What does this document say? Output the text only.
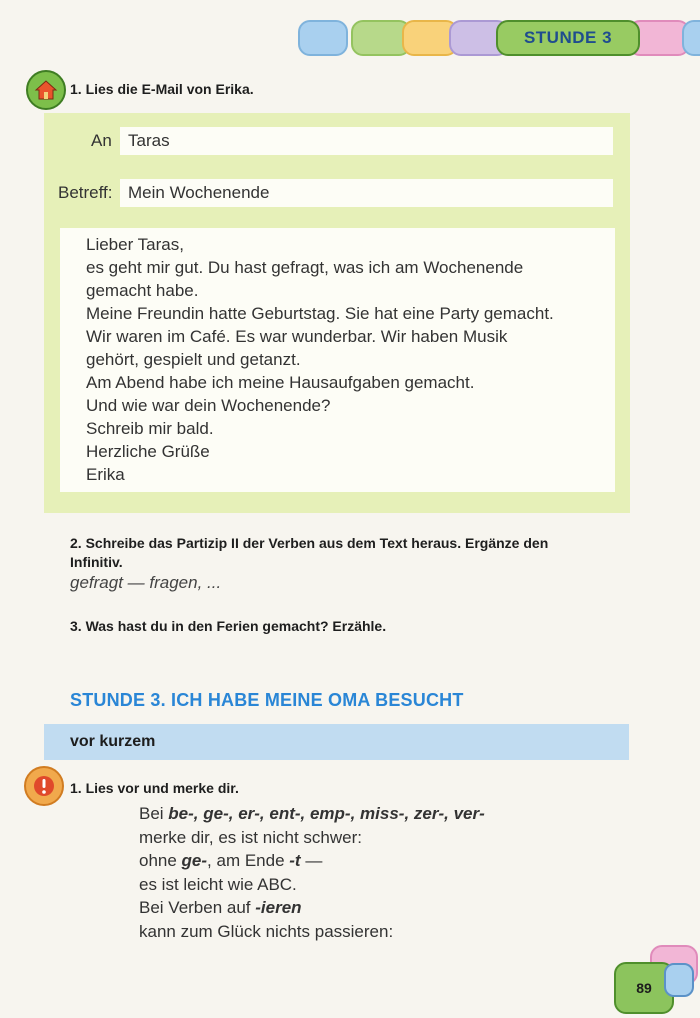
STUNDE 3
1. Lies die E-Mail von Erika.
An Taras
Betreff: Mein Wochenende

Lieber Taras,

es geht mir gut. Du hast gefragt, was ich am Wochenende

gemacht habe.

Meine Freundin hatte Geburtstag. Sie hat eine Party gemacht.

Wir waren im Café. Es war wunderbar. Wir haben Musik

gehört, gespielt und getanzt.

Am Abend habe ich meine Hausaufgaben gemacht.

Und wie war dein Wochenende?

Schreib mir bald.

Herzliche Grüße

Erika

2. Schreibe das Partizip II der Verben aus dem Text heraus. Ergänze den
Infinitiv.
gefragt — fragen, ...
3. Was hast du in den Ferien gemacht? Erzähle.
STUNDE 3. ICH HABE MEINE OMA BESUCHT
vor kurzem
1. Lies vor und merke dir.
Bei be-, ge-, er-, ent-, emp-, miss-, zer-, ver-
merke dir, es ist nicht schwer:
ohne ge-, am Ende -t —
es ist leicht wie ABC.
Bei Verben auf -ieren
kann zum Glück nichts passieren:
89
